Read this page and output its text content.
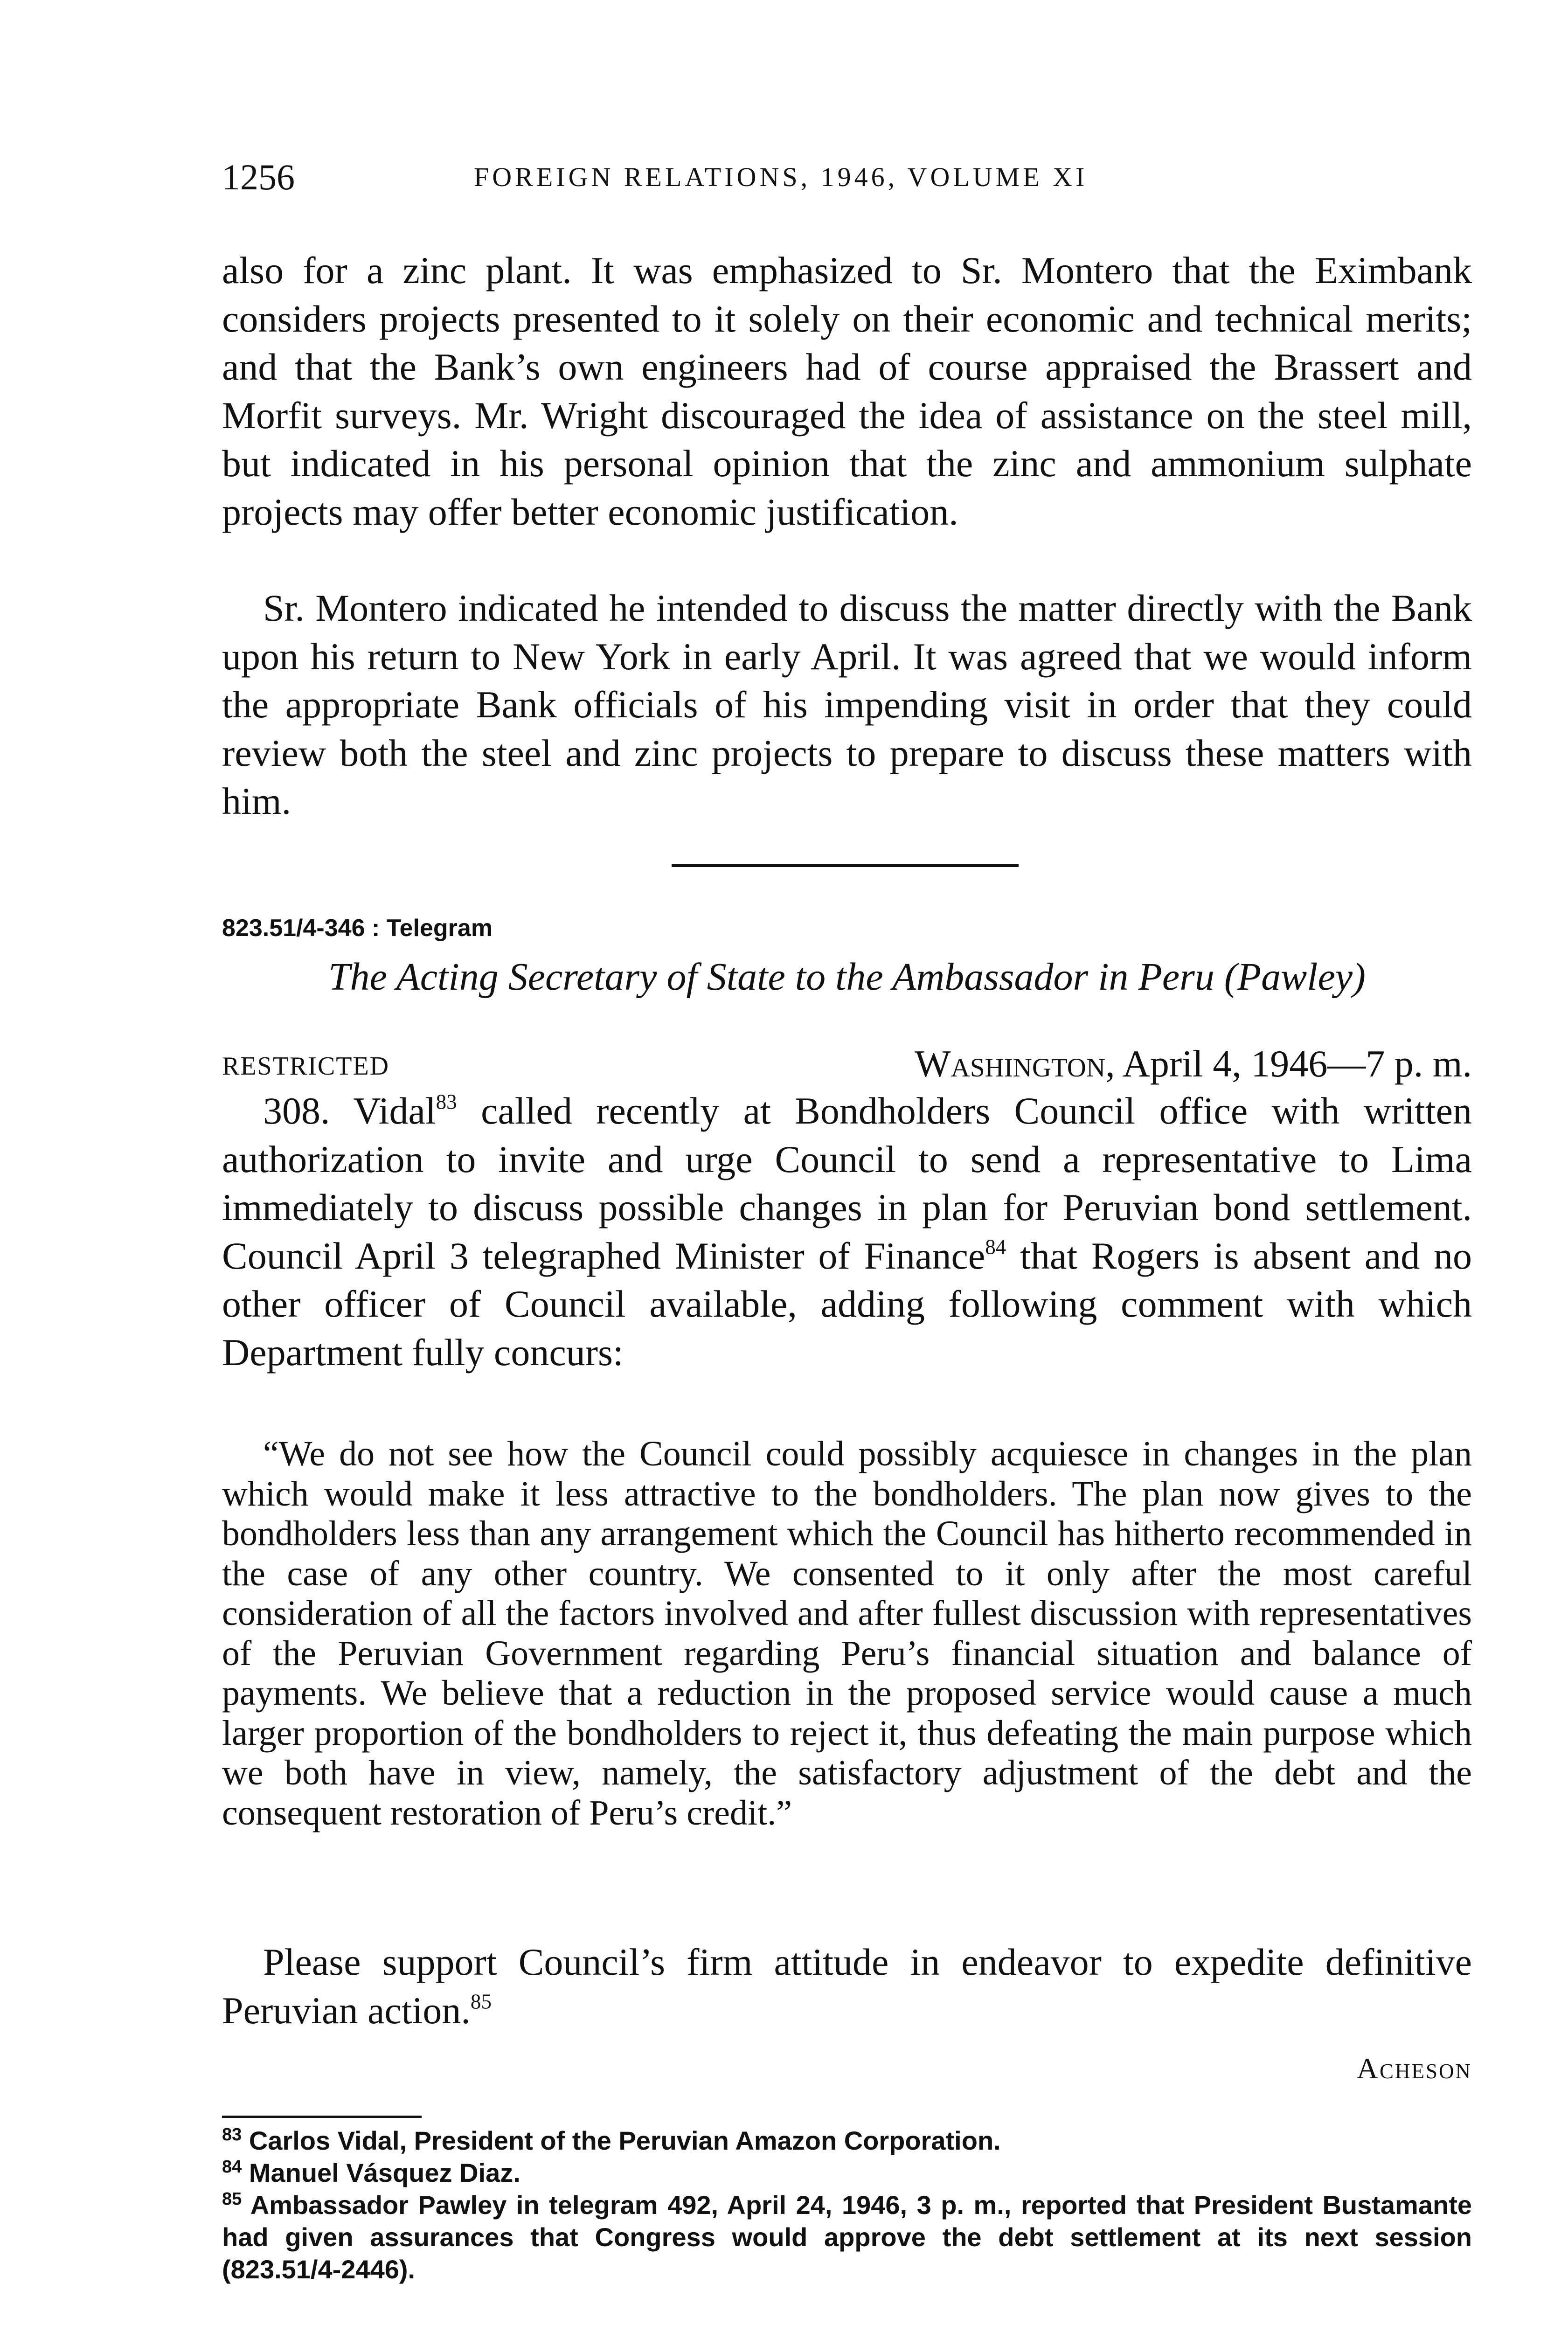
1256	FOREIGN RELATIONS, 1946, VOLUME XI

also for a zinc plant. It was emphasized to Sr. Montero that the Eximbank considers projects presented to it solely on their economic and technical merits; and that the Bank’s own engineers had of course appraised the Brassert and Morfit surveys. Mr. Wright discouraged the idea of assistance on the steel mill, but indicated in his personal opinion that the zinc and ammonium sulphate projects may offer better economic justification.

Sr. Montero indicated he intended to discuss the matter directly with the Bank upon his return to New York in early April. It was agreed that we would inform the appropriate Bank officials of his impending visit in order that they could review both the steel and zinc projects to prepare to discuss these matters with him.

823.51/4-346 : Telegram
The Acting Secretary of State to the Ambassador in Peru (Pawley)
RESTRICTED	Washington, April 4, 1946—7 p. m.

308. Vidal$^{83}$ called recently at Bondholders Council office with written authorization to invite and urge Council to send a representative to Lima immediately to discuss possible changes in plan for Peruvian bond settlement. Council April 3 telegraphed Minister of Finance$^{84}$ that Rogers is absent and no other officer of Council available, adding following comment with which Department fully concurs:

“We do not see how the Council could possibly acquiesce in changes in the plan which would make it less attractive to the bondholders. The plan now gives to the bondholders less than any arrangement which the Council has hitherto recommended in the case of any other country. We consented to it only after the most careful consideration of all the factors involved and after fullest discussion with representatives of the Peruvian Government regarding Peru’s financial situation and balance of payments. We believe that a reduction in the proposed service would cause a much larger proportion of the bondholders to reject it, thus defeating the main purpose which we both have in view, namely, the satisfactory adjustment of the debt and the consequent restoration of Peru’s credit.”

Please support Council’s firm attitude in endeavor to expedite definitive Peruvian action.$^{85}$

Acheson

$^{83}$ Carlos Vidal, President of the Peruvian Amazon Corporation.

$^{84}$ Manuel Vásquez Diaz.

$^{85}$ Ambassador Pawley in telegram 492, April 24, 1946, 3 p. m., reported that President Bustamante had given assurances that Congress would approve the debt settlement at its next session (823.51/4-2446).
